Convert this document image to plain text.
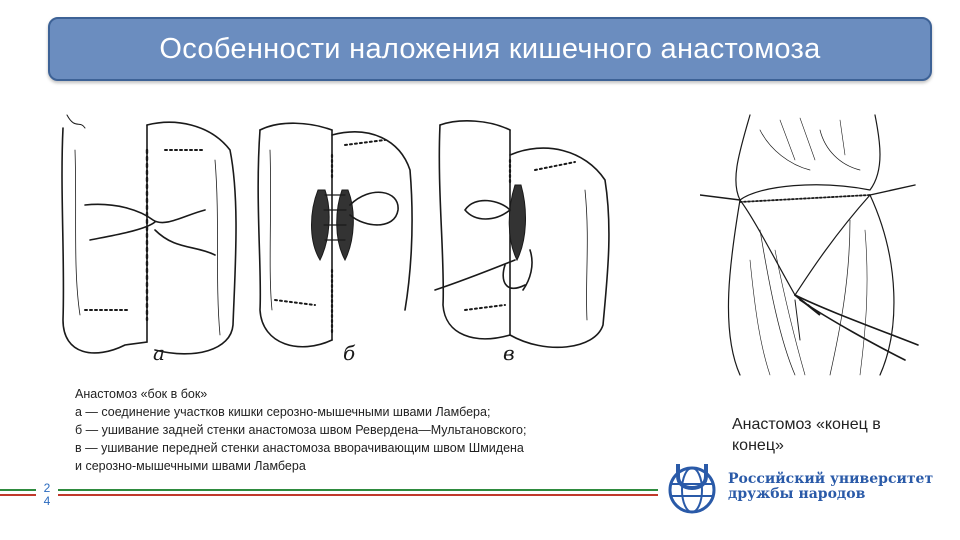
Особенности наложения кишечного анастомоза
а	б	в
Анастомоз «бок в бок»
а — соединение участков кишки серозно-мышечными швами Ламбера;
б — ушивание задней стенки анастомоза швом Ревердена—Мультановского;
в — ушивание передней стенки анастомоза вворачивающим швом Шмидена
и серозно-мышечными швами Ламбера
Анастомоз «конец в
конец»
2
4
Российский университет
дружбы народов
